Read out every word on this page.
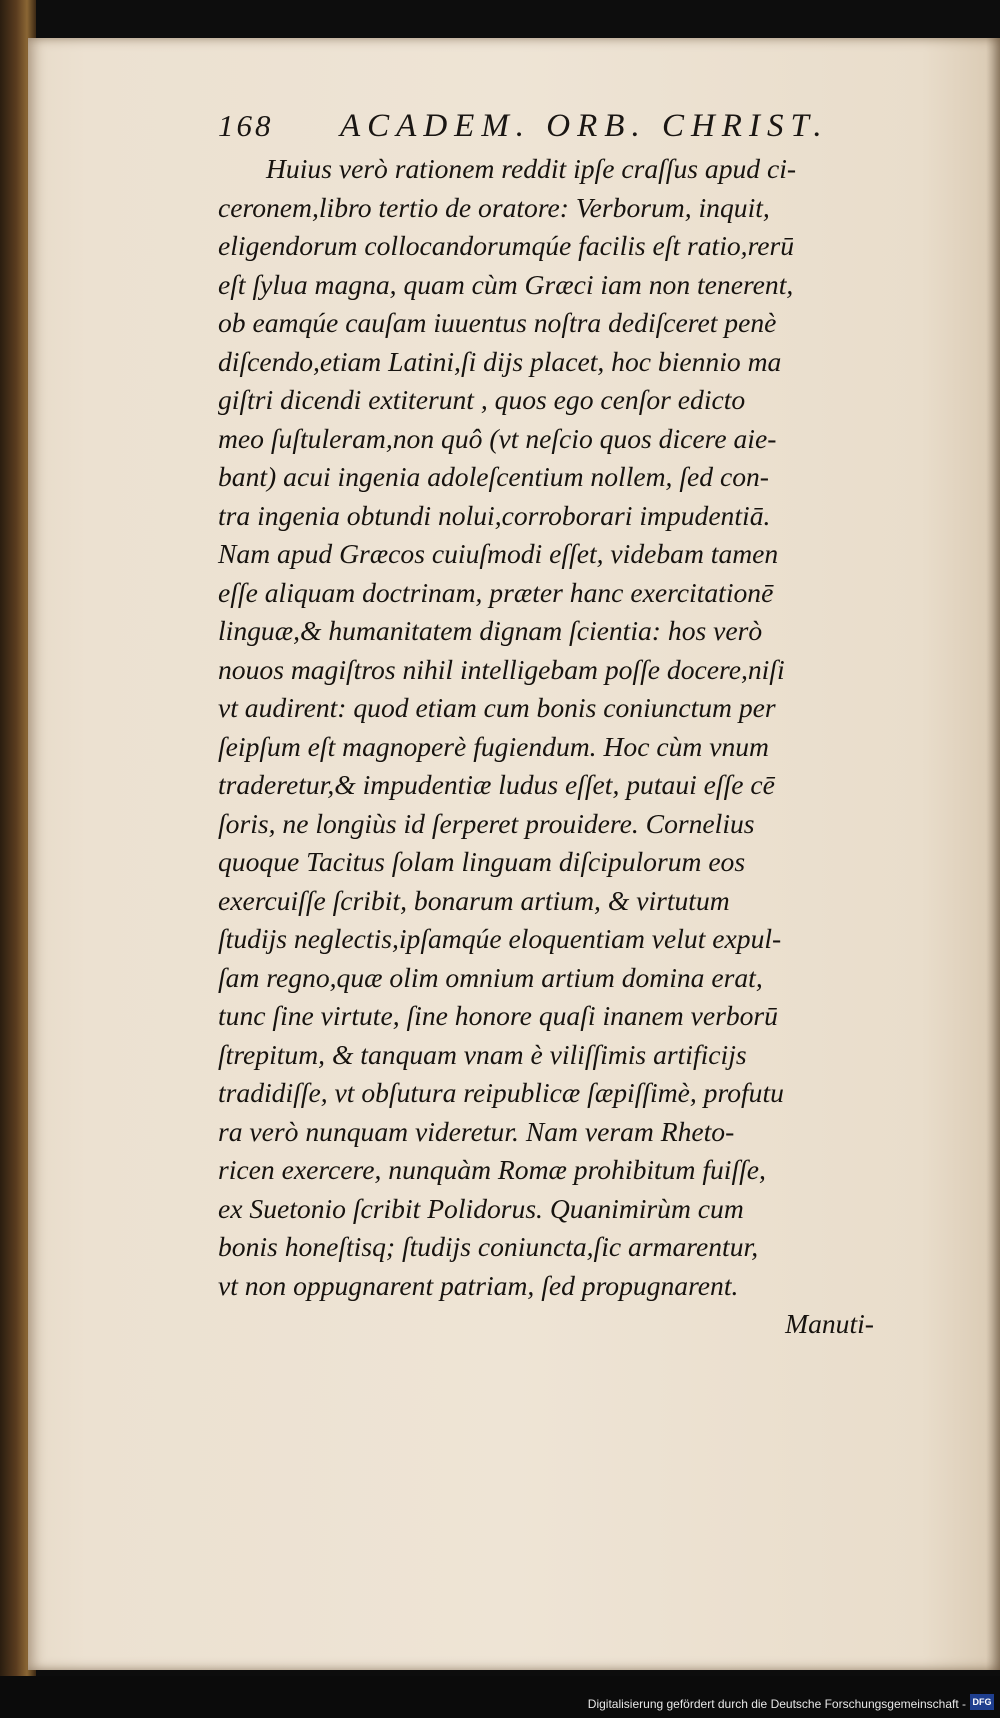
168 ACADEM. ORB. CHRIST.
Huius verò rationem reddit ipſe craſſus apud ci-
ceronem,libro tertio de oratore: Verborum, inquit,
eligendorum collocandorumqúe facilis eſt ratio,rerū
eſt ſylua magna, quam cùm Græci iam non tenerent,
ob eamqúe cauſam iuuentus noſtra dediſceret penè
diſcendo,etiam Latini,ſi dijs placet, hoc biennio ma
giſtri dicendi extiterunt , quos ego cenſor edicto
meo ſuſtuleram,non quô (vt neſcio quos dicere aie-
bant) acui ingenia adoleſcentium nollem, ſed con-
tra ingenia obtundi nolui,corroborari impudentiā.
Nam apud Græcos cuiuſmodi eſſet, videbam tamen
eſſe aliquam doctrinam, præter hanc exercitationē
linguæ,& humanitatem dignam ſcientia: hos verò
nouos magiſtros nihil intelligebam poſſe docere,niſi
vt audirent: quod etiam cum bonis coniunctum per
ſeipſum eſt magnoperè fugiendum. Hoc cùm vnum
traderetur,& impudentiæ ludus eſſet, putaui eſſe cē
ſoris, ne longiùs id ſerperet prouidere. Cornelius
quoque Tacitus ſolam linguam diſcipulorum eos
exercuiſſe ſcribit, bonarum artium, & virtutum
ſtudijs neglectis,ipſamqúe eloquentiam velut expul-
ſam regno,quæ olim omnium artium domina erat,
tunc ſine virtute, ſine honore quaſi inanem verborū
ſtrepitum, & tanquam vnam è viliſſimis artificijs
tradidiſſe, vt obſutura reipublicæ ſæpiſſimè, profutu
ra verò nunquam videretur. Nam veram Rheto-
ricen exercere, nunquàm Romæ prohibitum fuiſſe,
ex Suetonio ſcribit Polidorus. Quanimirùm cum
bonis honeſtisq; ſtudijs coniuncta,ſic armarentur,
vt non oppugnarent patriam, ſed propugnarent.
Manuti-
Digitalisierung gefördert durch die Deutsche Forschungsgemeinschaft - DFG
